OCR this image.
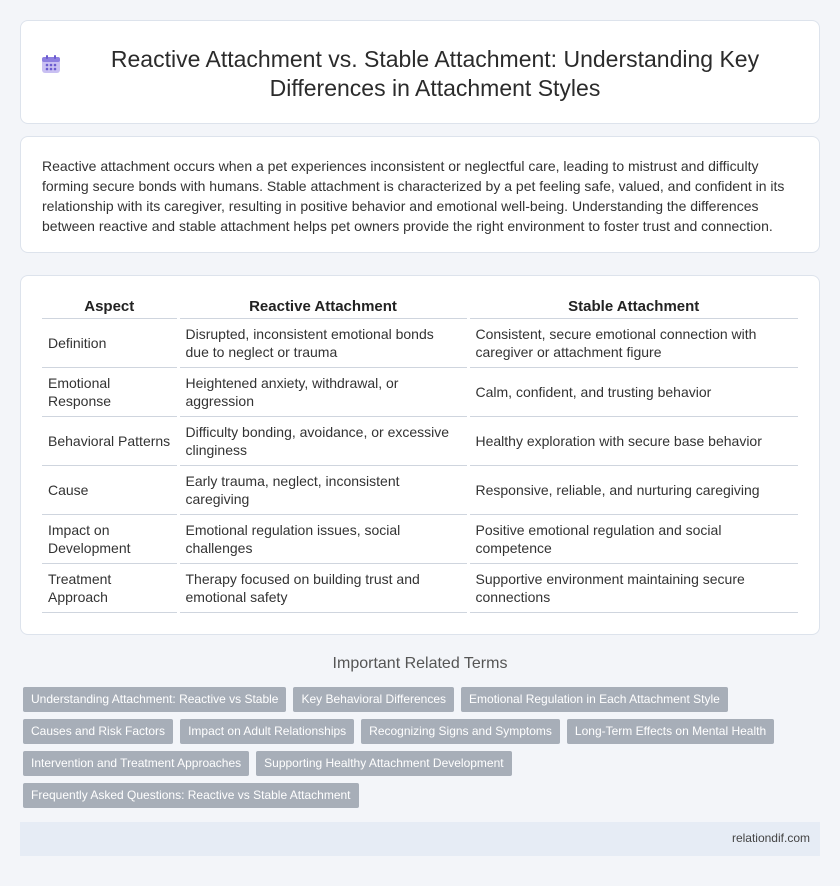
Reactive Attachment vs. Stable Attachment: Understanding Key Differences in Attachment Styles

Reactive attachment occurs when a pet experiences inconsistent or neglectful care, leading to mistrust and difficulty forming secure bonds with humans. Stable attachment is characterized by a pet feeling safe, valued, and confident in its relationship with its caregiver, resulting in positive behavior and emotional well-being. Understanding the differences between reactive and stable attachment helps pet owners provide the right environment to foster trust and connection.

Aspect	Reactive Attachment	Stable Attachment
Definition	Disrupted, inconsistent emotional bonds due to neglect or trauma	Consistent, secure emotional connection with caregiver or attachment figure
Emotional Response	Heightened anxiety, withdrawal, or aggression	Calm, confident, and trusting behavior
Behavioral Patterns	Difficulty bonding, avoidance, or excessive clinginess	Healthy exploration with secure base behavior
Cause	Early trauma, neglect, inconsistent caregiving	Responsive, reliable, and nurturing caregiving
Impact on Development	Emotional regulation issues, social challenges	Positive emotional regulation and social competence
Treatment Approach	Therapy focused on building trust and emotional safety	Supportive environment maintaining secure connections
Important Related Terms
Understanding Attachment: Reactive vs Stable Key Behavioral Differences Emotional Regulation in Each Attachment Style
Causes and Risk Factors Impact on Adult Relationships Recognizing Signs and Symptoms Long-Term Effects on Mental Health
Intervention and Treatment Approaches Supporting Healthy Attachment Development
Frequently Asked Questions: Reactive vs Stable Attachment
relationdif.com
